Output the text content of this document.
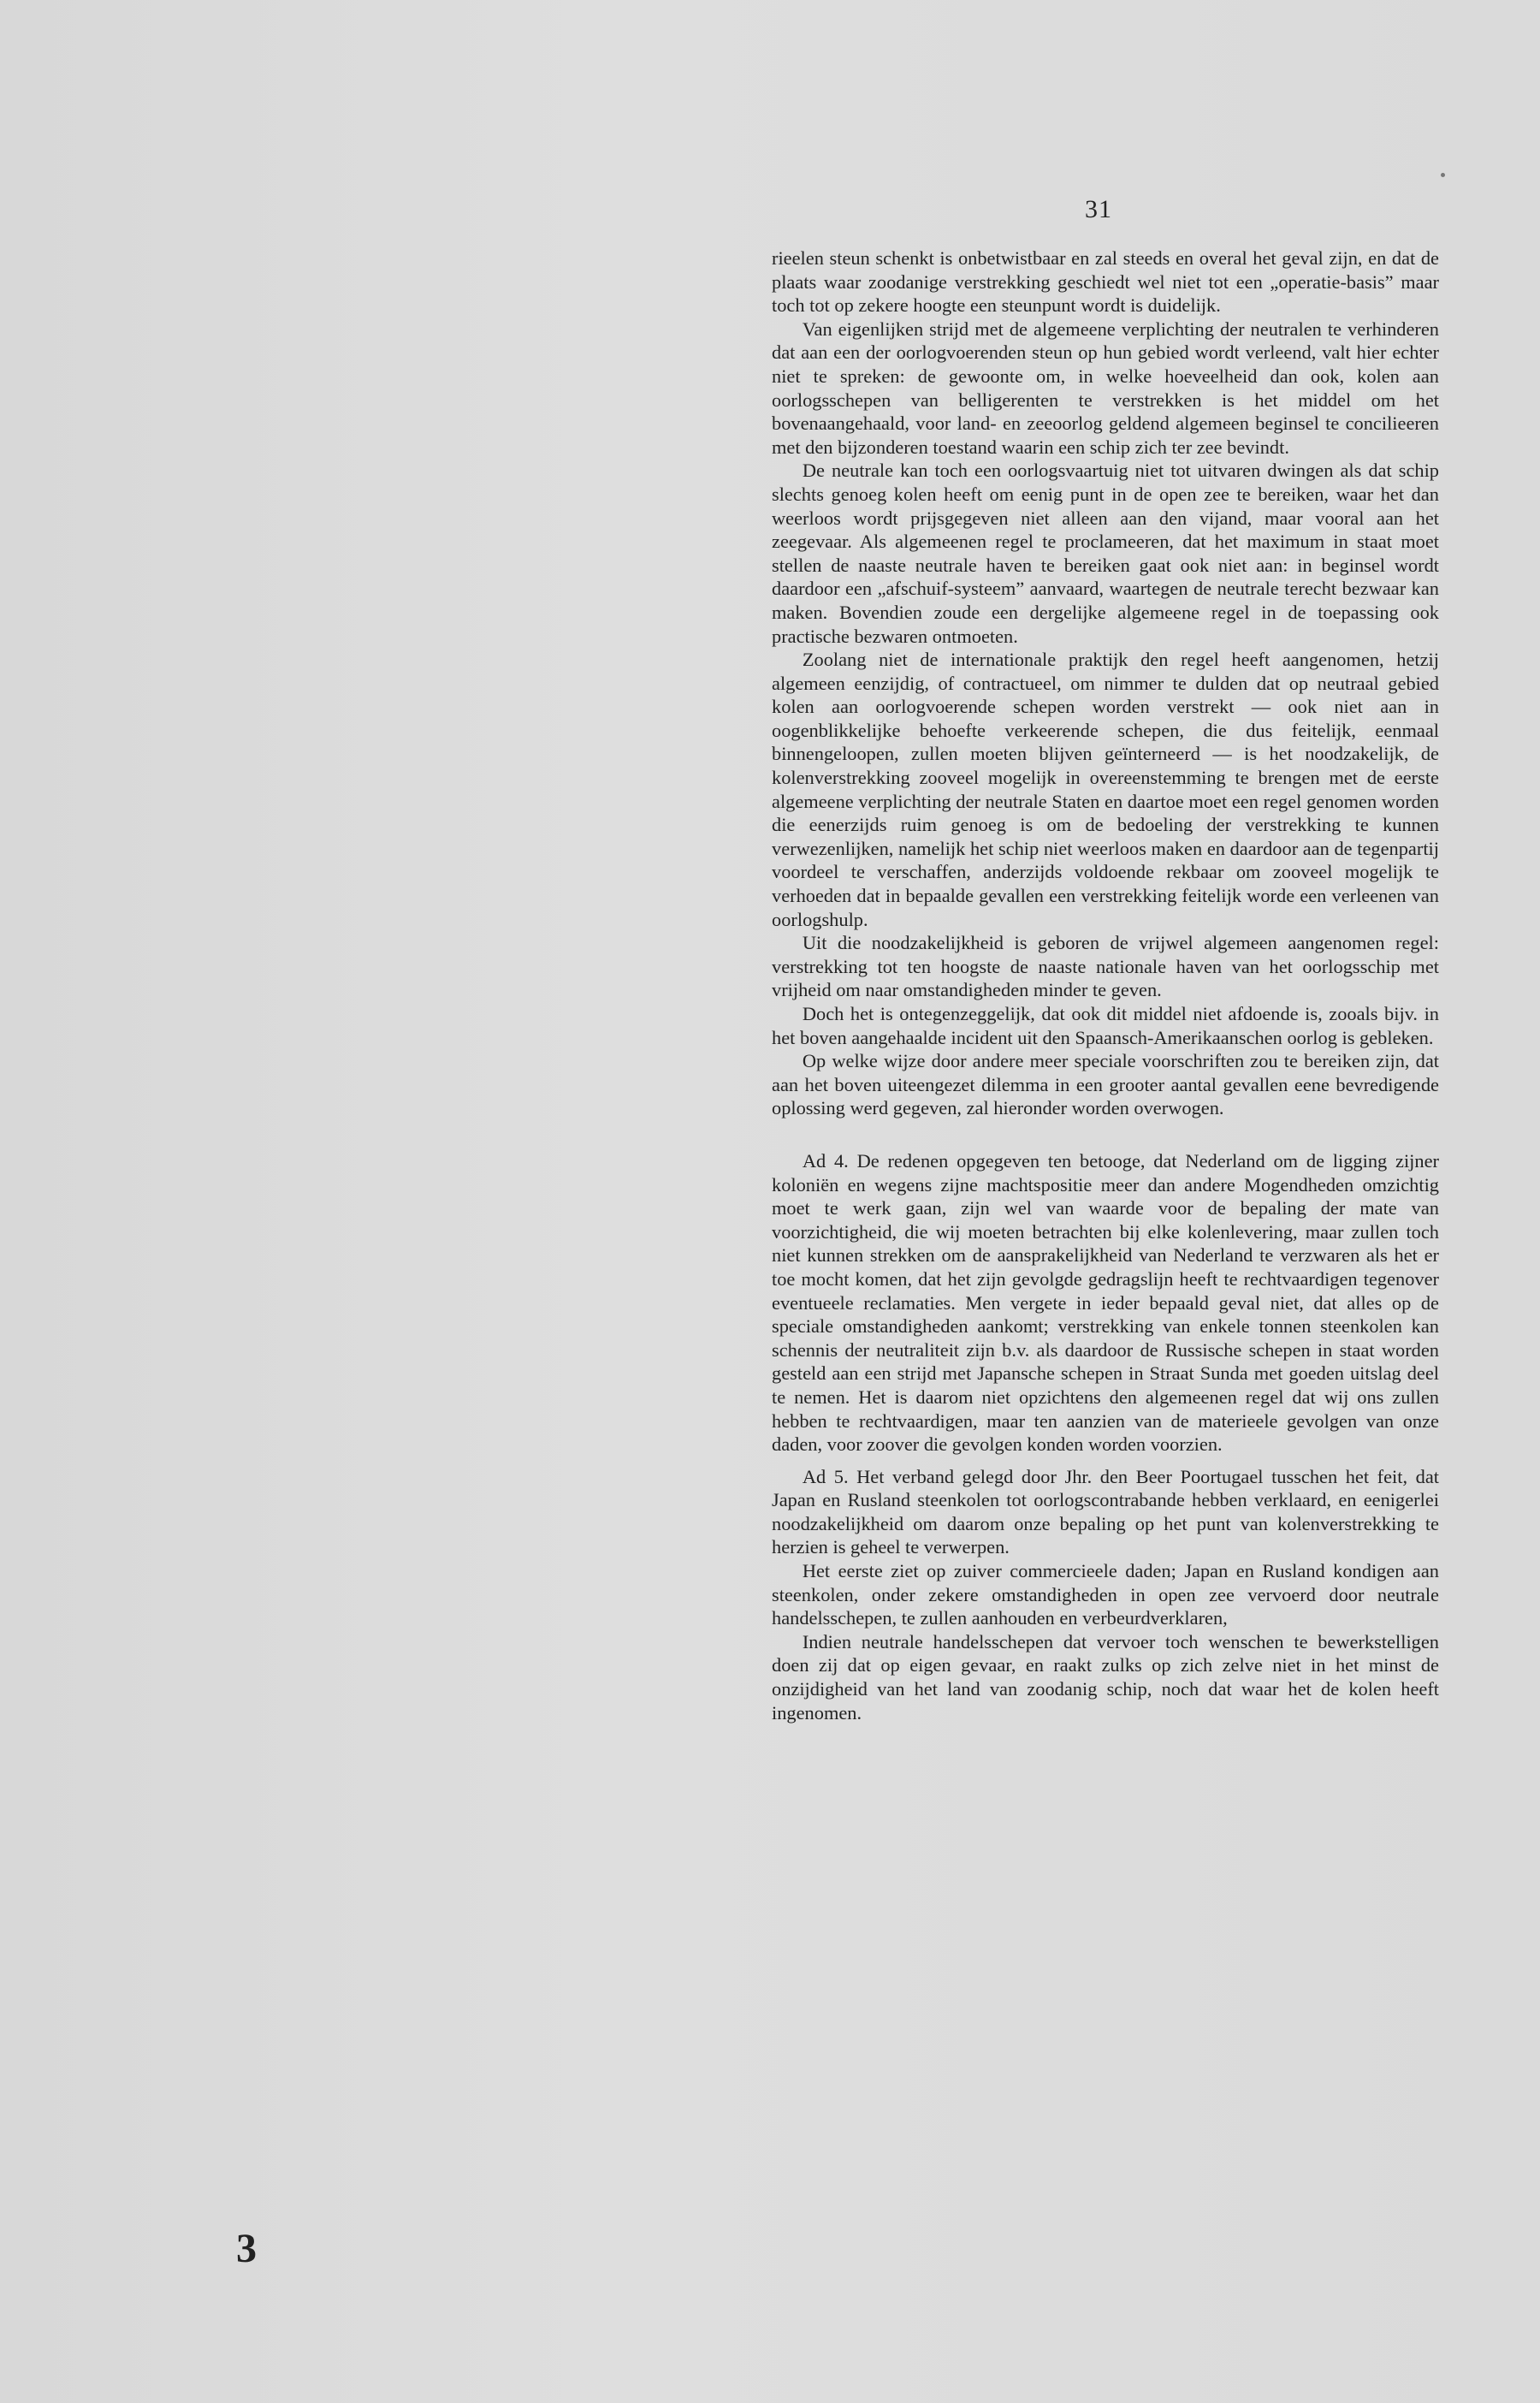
31

rieelen steun schenkt is onbetwistbaar en zal steeds en overal het geval zijn, en dat de plaats waar zoodanige verstrekking geschiedt wel niet tot een „operatie-basis” maar toch tot op zekere hoogte een steunpunt wordt is duidelijk.

Van eigenlijken strijd met de algemeene verplichting der neutralen te verhinderen dat aan een der oorlogvoerenden steun op hun gebied wordt verleend, valt hier echter niet te spreken: de gewoonte om, in welke hoeveelheid dan ook, kolen aan oorlogsschepen van belligerenten te verstrekken is het middel om het bovenaangehaald, voor land- en zeeoorlog geldend algemeen beginsel te concilieeren met den bijzonderen toestand waarin een schip zich ter zee bevindt.

De neutrale kan toch een oorlogsvaartuig niet tot uitvaren dwingen als dat schip slechts genoeg kolen heeft om eenig punt in de open zee te bereiken, waar het dan weerloos wordt prijsgegeven niet alleen aan den vijand, maar vooral aan het zeegevaar. Als algemeenen regel te proclameeren, dat het maximum in staat moet stellen de naaste neutrale haven te bereiken gaat ook niet aan: in beginsel wordt daardoor een „afschuif-systeem” aanvaard, waartegen de neutrale terecht bezwaar kan maken. Bovendien zoude een dergelijke algemeene regel in de toepassing ook practische bezwaren ontmoeten.

Zoolang niet de internationale praktijk den regel heeft aangenomen, hetzij algemeen eenzijdig, of contractueel, om nimmer te dulden dat op neutraal gebied kolen aan oorlogvoerende schepen worden verstrekt — ook niet aan in oogenblikkelijke behoefte verkeerende schepen, die dus feitelijk, eenmaal binnengeloopen, zullen moeten blijven geïnterneerd — is het noodzakelijk, de kolenverstrekking zooveel mogelijk in overeenstemming te brengen met de eerste algemeene verplichting der neutrale Staten en daartoe moet een regel genomen worden die eenerzijds ruim genoeg is om de bedoeling der verstrekking te kunnen verwezenlijken, namelijk het schip niet weerloos maken en daardoor aan de tegenpartij voordeel te verschaffen, anderzijds voldoende rekbaar om zooveel mogelijk te verhoeden dat in bepaalde gevallen een verstrekking feitelijk worde een verleenen van oorlogshulp.

Uit die noodzakelijkheid is geboren de vrijwel algemeen aangenomen regel: verstrekking tot ten hoogste de naaste nationale haven van het oorlogsschip met vrijheid om naar omstandigheden minder te geven.

Doch het is ontegenzeggelijk, dat ook dit middel niet afdoende is, zooals bijv. in het boven aangehaalde incident uit den Spaansch-Amerikaanschen oorlog is gebleken.

Op welke wijze door andere meer speciale voorschriften zou te bereiken zijn, dat aan het boven uiteengezet dilemma in een grooter aantal gevallen eene bevredigende oplossing werd gegeven, zal hieronder worden overwogen.

Ad 4. De redenen opgegeven ten betooge, dat Nederland om de ligging zijner koloniën en wegens zijne machtspositie meer dan andere Mogendheden omzichtig moet te werk gaan, zijn wel van waarde voor de bepaling der mate van voorzichtigheid, die wij moeten betrachten bij elke kolenlevering, maar zullen toch niet kunnen strekken om de aansprakelijkheid van Nederland te verzwaren als het er toe mocht komen, dat het zijn gevolgde gedragslijn heeft te rechtvaardigen tegenover eventueele reclamaties. Men vergete in ieder bepaald geval niet, dat alles op de speciale omstandigheden aankomt; verstrekking van enkele tonnen steenkolen kan schennis der neutraliteit zijn b.v. als daardoor de Russische schepen in staat worden gesteld aan een strijd met Japansche schepen in Straat Sunda met goeden uitslag deel te nemen. Het is daarom niet opzichtens den algemeenen regel dat wij ons zullen hebben te rechtvaardigen, maar ten aanzien van de materieele gevolgen van onze daden, voor zoover die gevolgen konden worden voorzien.

Ad 5. Het verband gelegd door Jhr. den Beer Poortugael tusschen het feit, dat Japan en Rusland steenkolen tot oorlogscontrabande hebben verklaard, en eenigerlei noodzakelijkheid om daarom onze bepaling op het punt van kolenverstrekking te herzien is geheel te verwerpen.

Het eerste ziet op zuiver commercieele daden; Japan en Rusland kondigen aan steenkolen, onder zekere omstandigheden in open zee vervoerd door neutrale handelsschepen, te zullen aanhouden en verbeurdverklaren,

Indien neutrale handelsschepen dat vervoer toch wenschen te bewerkstelligen doen zij dat op eigen gevaar, en raakt zulks op zich zelve niet in het minst de onzijdigheid van het land van zoodanig schip, noch dat waar het de kolen heeft ingenomen.

3
